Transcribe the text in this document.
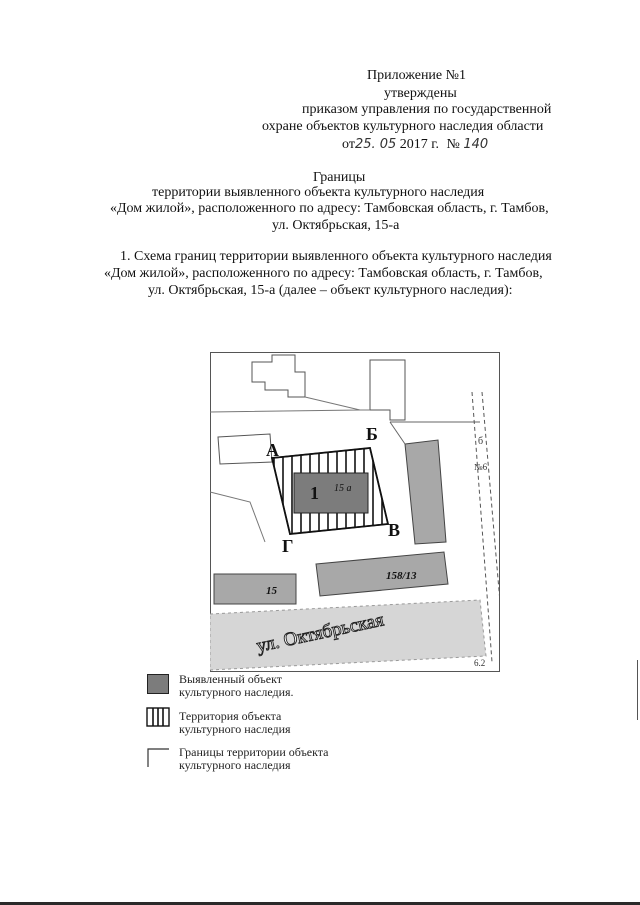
Приложение №1
утверждены
приказом управления по государственной
охране объектов культурного наследия области
от25. 05 2017 г. № 140
Границы
территории выявленного объекта культурного наследия
«Дом жилой», расположенного по адресу: Тамбовская область, г. Тамбов,
ул. Октябрьская, 15-а
1. Схема границ территории выявленного объекта культурного наследия
«Дом жилой», расположенного по адресу: Тамбовская область, г. Тамбов,
ул. Октябрьская, 15-а (далее – объект культурного наследия):
1 15 а
15
158/13
ул. Октябрьская
б
№6
6.2
А
Б
В
Г
Выявленный объект
культурного наследия.
Территория объекта
культурного наследия
Границы территории объекта
культурного наследия
